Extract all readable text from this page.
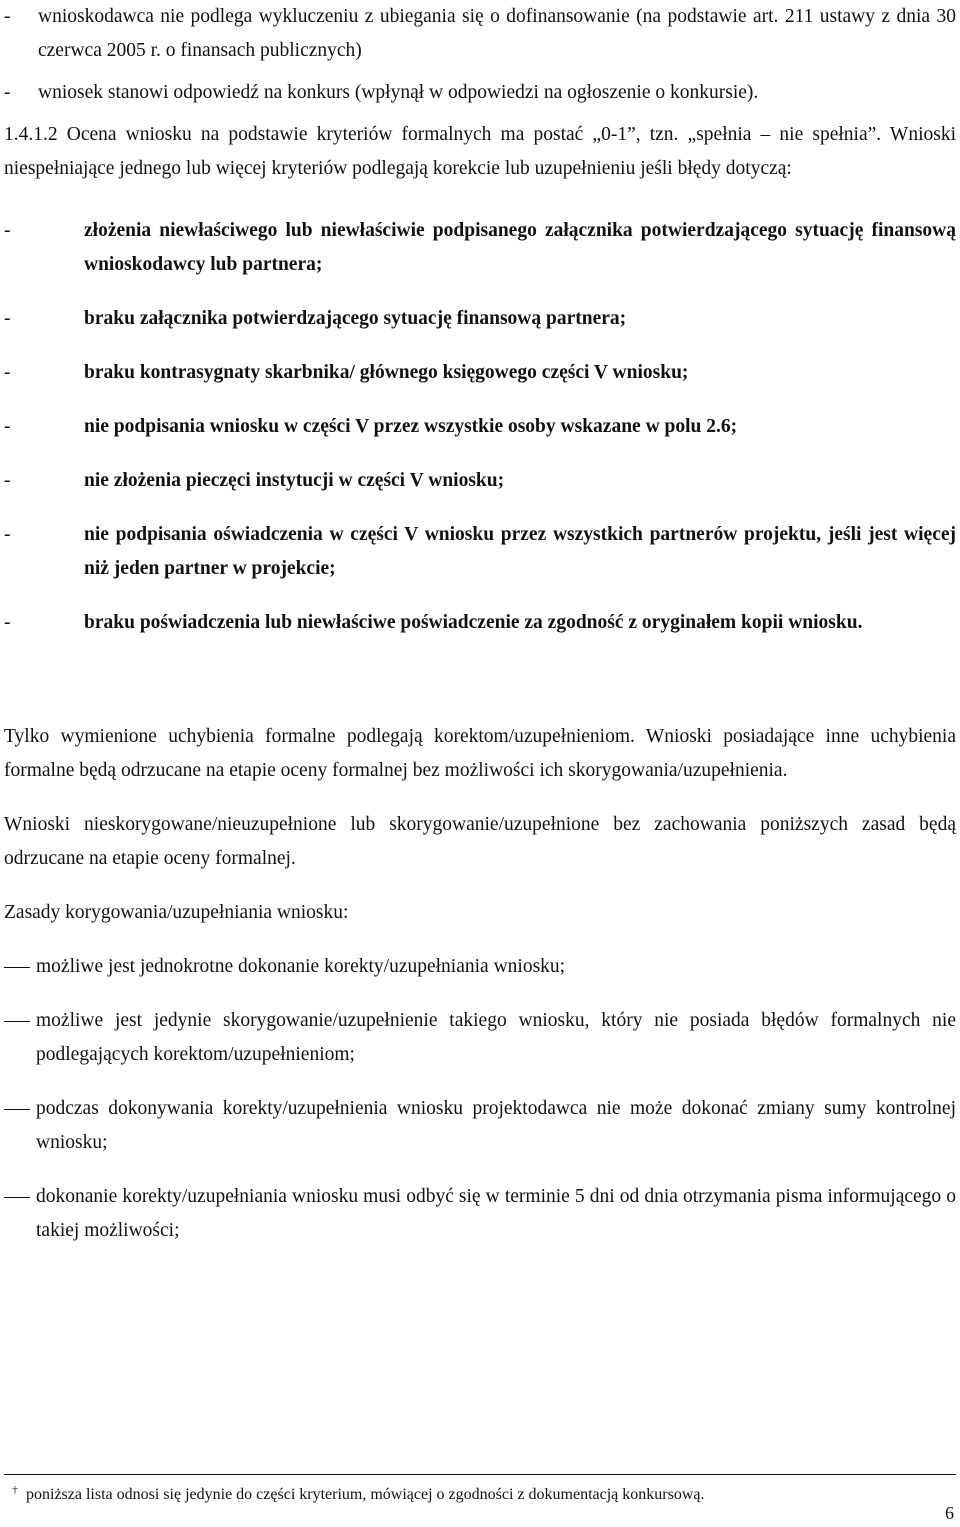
-	wnioskodawca nie podlega wykluczeniu z ubiegania się o dofinansowanie (na podstawie art. 211 ustawy z dnia 30 czerwca 2005 r. o finansach publicznych)
-	wniosek stanowi odpowiedź na konkurs (wpłynął w odpowiedzi na ogłoszenie o konkursie).

1.4.1.2 Ocena wniosku na podstawie kryteriów formalnych ma postać „0-1”, tzn. „spełnia – nie spełnia”. Wnioski niespełniające jednego lub więcej kryteriów podlegają korekcie lub uzupełnieniu jeśli błędy dotyczą:

-	złożenia niewłaściwego lub niewłaściwie podpisanego załącznika potwierdzającego sytuację finansową wnioskodawcy lub partnera;
-	braku załącznika potwierdzającego sytuację finansową partnera;
-	braku kontrasygnaty skarbnika/ głównego księgowego części V wniosku;
-	nie podpisania wniosku w części V przez wszystkie osoby wskazane w polu 2.6;
-	nie złożenia pieczęci instytucji w części V wniosku;
-	nie podpisania oświadczenia w części V wniosku przez wszystkich partnerów projektu, jeśli jest więcej niż jeden partner w projekcie;
-	braku poświadczenia lub niewłaściwe poświadczenie za zgodność z oryginałem kopii wniosku.

Tylko wymienione uchybienia formalne podlegają korektom/uzupełnieniom. Wnioski posiadające inne uchybienia formalne będą odrzucane na etapie oceny formalnej bez możliwości ich skorygowania/uzupełnienia.

Wnioski nieskorygowane/nieuzupełnione lub skorygowanie/uzupełnione bez zachowania poniższych zasad będą odrzucane na etapie oceny formalnej.

Zasady korygowania/uzupełniania wniosku:

możliwe jest jednokrotne dokonanie korekty/uzupełniania wniosku;
możliwe jest jedynie skorygowanie/uzupełnienie takiego wniosku, który nie posiada błędów formalnych nie podlegających korektom/uzupełnieniom;
podczas dokonywania korekty/uzupełnienia wniosku projektodawca nie może dokonać zmiany sumy kontrolnej wniosku;
dokonanie korekty/uzupełniania wniosku musi odbyć się w terminie 5 dni od dnia otrzymania pisma informującego o takiej możliwości;
† poniższa lista odnosi się jedynie do części kryterium, mówiącej o zgodności z dokumentacją konkursową.
6
